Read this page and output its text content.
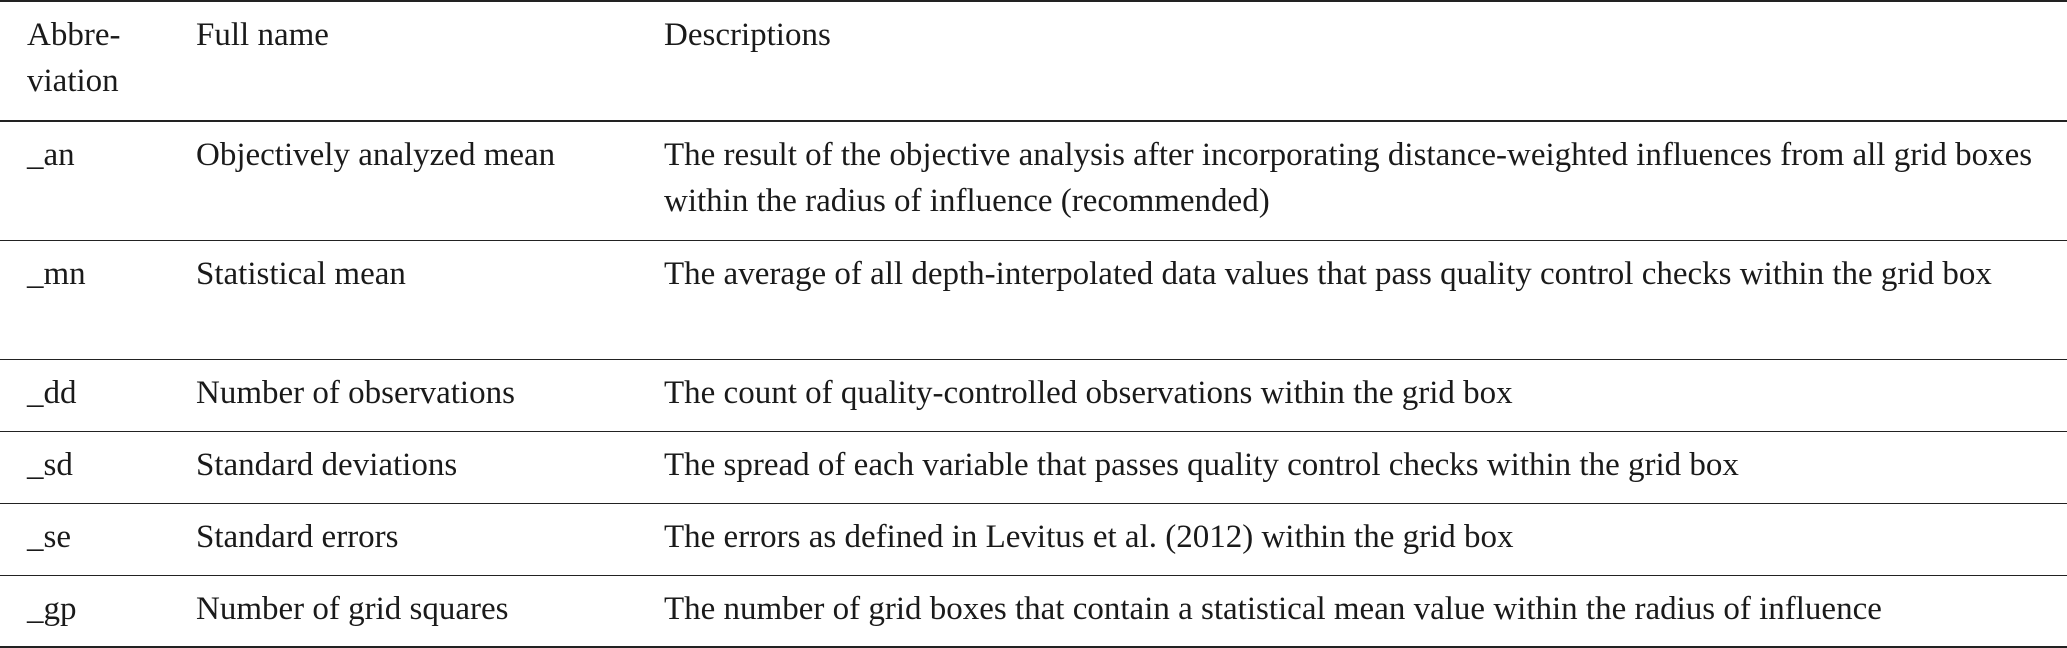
Abbre-
viation	Full name	Descriptions
_an	Objectively analyzed mean	The result of the objective analysis after incorporating distance-weighted influences from all grid boxes within the radius of influence (recommended)
_mn	Statistical mean	The average of all depth-interpolated data values that pass quality control checks within the grid box
_dd	Number of observations	The count of quality-controlled observations within the grid box
_sd	Standard deviations	The spread of each variable that passes quality control checks within the grid box
_se	Standard errors	The errors as defined in Levitus et al. (2012) within the grid box
_gp	Number of grid squares	The number of grid boxes that contain a statistical mean value within the radius of influence
